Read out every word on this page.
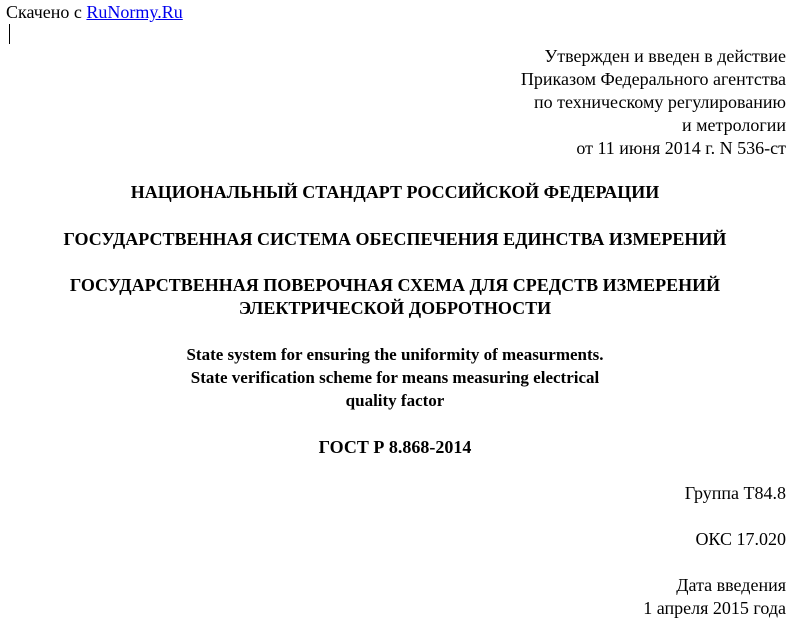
Скачено с RuNormy.Ru
Утвержден и введен в действие
Приказом Федерального агентства
по техническому регулированию
и метрологии
от 11 июня 2014 г. N 536-ст
НАЦИОНАЛЬНЫЙ СТАНДАРТ РОССИЙСКОЙ ФЕДЕРАЦИИ
ГОСУДАРСТВЕННАЯ СИСТЕМА ОБЕСПЕЧЕНИЯ ЕДИНСТВА ИЗМЕРЕНИЙ
ГОСУДАРСТВЕННАЯ ПОВЕРОЧНАЯ СХЕМА ДЛЯ СРЕДСТВ ИЗМЕРЕНИЙ
ЭЛЕКТРИЧЕСКОЙ ДОБРОТНОСТИ
State system for ensuring the uniformity of measurments.
State verification scheme for means measuring electrical
quality factor
ГОСТ Р 8.868-2014
Группа Т84.8
ОКС 17.020
Дата введения
1 апреля 2015 года
